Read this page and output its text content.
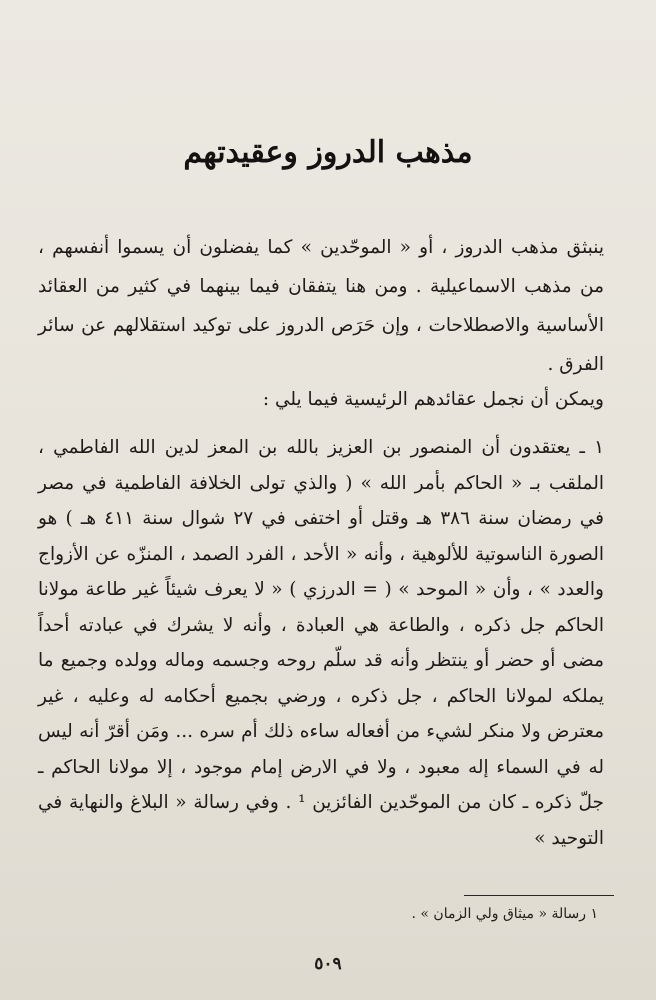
مذهب الدروز وعقيدتهم
ينبثق مذهب الدروز ، أو « الموحّدين » كما يفضلون أن يسموا أنفسهم ، من مذهب الاسماعيلية . ومن هنا يتفقان فيما بينهما في كثير من العقائد الأساسية والاصطلاحات ، وإن حَرَص الدروز على توكيد استقلالهم عن سائر الفرق .
ويمكن أن نجمل عقائدهم الرئيسية فيما يلي :
١ ـ يعتقدون أن المنصور بن العزيز بالله بن المعز لدين الله الفاطمي ، الملقب بـ « الحاكم بأمر الله » ( والذي تولى الخلافة الفاطمية في مصر في رمضان سنة ٣٨٦ هـ وقتل أو اختفى في ٢٧ شوال سنة ٤١١ هـ ) هو الصورة الناسوتية للألوهية ، وأنه « الأحد ، الفرد الصمد ، المنزّه عن الأزواج والعدد » ، وأن « الموحد » ( = الدرزي ) « لا يعرف شيئاً غير طاعة مولانا الحاكم جل ذكره ، والطاعة هي العبادة ، وأنه لا يشرك في عبادته أحداً مضى أو حضر أو ينتظر وأنه قد سلّم روحه وجسمه وماله وولده وجميع ما يملكه لمولانا الحاكم ، جل ذكره ، ورضي بجميع أحكامه له وعليه ، غير معترض ولا منكر لشيء من أفعاله ساءه ذلك أم سره ... ومَن أقرّ أنه ليس له في السماء إله معبود ، ولا في الارض إمام موجود ، إلا مولانا الحاكم ـ جلّ ذكره ـ كان من الموحّدين الفائزين ¹ . وفي رسالة « البلاغ والنهاية في التوحيد »
١ رسالة « ميثاق ولي الزمان » .
٥٠٩
